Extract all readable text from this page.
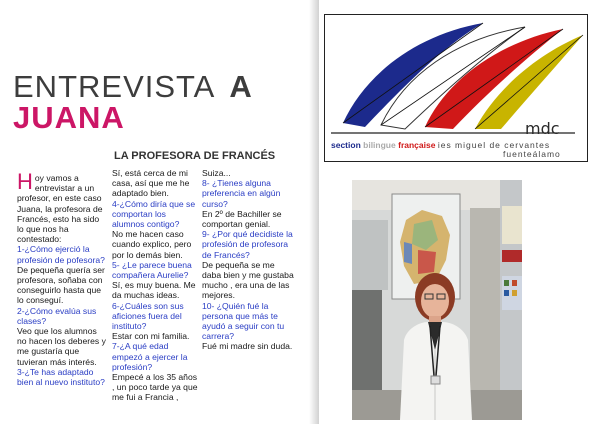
ENTREVISTA A
JUANA
LA PROFESORA DE FRANCÉS

Hoy vamos a entrevistar a un profesor, en este caso Juana, la profesora de Francés, esto ha sido lo que nos ha contestado:

1-¿Cómo ejerció la profesión de pofesora?

De pequeña quería ser profesora, soñaba con conseguirlo hasta que lo conseguí.

2-¿Cómo evalúa sus clases?

Veo que los alumnos no hacen los deberes y me gustaría que tuvieran más interés.

3-¿Te has adaptado bien al nuevo instituto?

Sí, está cerca de mi casa, así que me he adaptado bien.

4-¿Cómo diría que se comportan los alumnos contigo?

No me hacen caso cuando explico, pero por lo demás bien.

5- ¿Le parece buena compañera Aurelie?

Sí, es muy buena. Me da muchas ideas.

6-¿Cuáles son sus aficiones fuera del instituto?

Estar con mi familia.

7-¿A qué edad empezó a ejercer la profesión?

Empecé a los 35 años , un poco tarde ya que me fui a Francia ,

Suiza...

8- ¿Tienes alguna preferencia en algún curso?

En 2º de Bachiller se comportan genial.

9- ¿Por qué decidiste la profesión de profesora de Francés?

De pequeña se me daba bien y me gustaba mucho , era una de las mejores.

10- ¿Quién fué la persona que más te ayudó a seguir con tu carrera?

Fué mi madre sin duda.

mdc
section bilingue française ies miguel de cervantes
fuenteálamo
